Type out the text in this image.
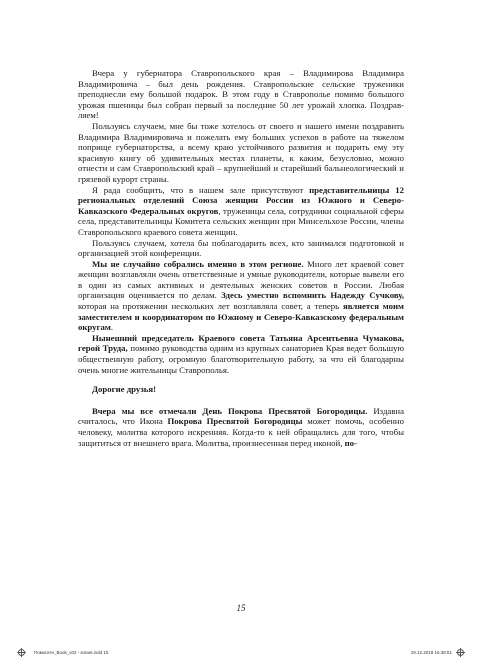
Вчера у губернатора Ставропольского края – Владимирова Владимира Владимировича – был день рождения. Ставропольские сельские труженики преподнесли ему большой подарок. В этом году в Ставрополье помимо большого урожая пшеницы был собран первый за последние 50 лет урожай хлопка. Поздравляем!

Пользуясь случаем, мне бы тоже хотелось от своего и нашего имени поздравить Владимира Владимировича и пожелать ему больших успехов в работе на тяжелом поприще губернаторства, а всему краю устойчивого развития и подарить ему эту красивую книгу об удивительных местах планеты, к каким, безусловно, можно отнести и сам Ставропольский край – крупнейший и старейший бальнеологический и грязевой курорт страны.

Я рада сообщить, что в нашем зале присутствуют представительницы 12 региональных отделений Союза женщин России из Южного и Северо-Кавказского Федеральных округов, труженицы села, сотрудники социальной сферы села, представительницы Комитета сельских женщин при Минсельхозе России, члены Ставропольского краевого совета женщин.

Пользуясь случаем, хотела бы поблагодарить всех, кто занимался подготовкой и организацией этой конференции.

Мы не случайно собрались именно в этом регионе. Много лет краевой совет женщин возглавляли очень ответственные и умные руководители, которые вывели его в один из самых активных и деятельных женских советов в России. Любая организация оценивается по делам. Здесь уместно вспомнить Надежду Сучкову, которая на протяжении нескольких лет возглавляла совет, а теперь является моим заместителем и координатором по Южному и Северо-Кавказскому федеральным округам.

Нынешний председатель Краевого совета Татьяна Арсентьевна Чумакова, герой Труда, помимо руководства одним из крупных санаториев Края ведет большую общественную работу, огромную благотворительную работу, за что ей благодарны очень многие жительницы Ставрополья.

Дорогие друзья!

Вчера мы все отмечали День Покрова Пресвятой Богородицы. Издавна считалось, что Икона Покрова Пресвятой Богородицы может помочь, особенно человеку, молитва которого искренняя. Когда-то к ней обращались для того, чтобы защититься от внешнего врага. Молитва, произнесенная перед иконой, по-

15
Помогите_Book_v02 - копия.indd 15	19.12.2018 16:38:51
